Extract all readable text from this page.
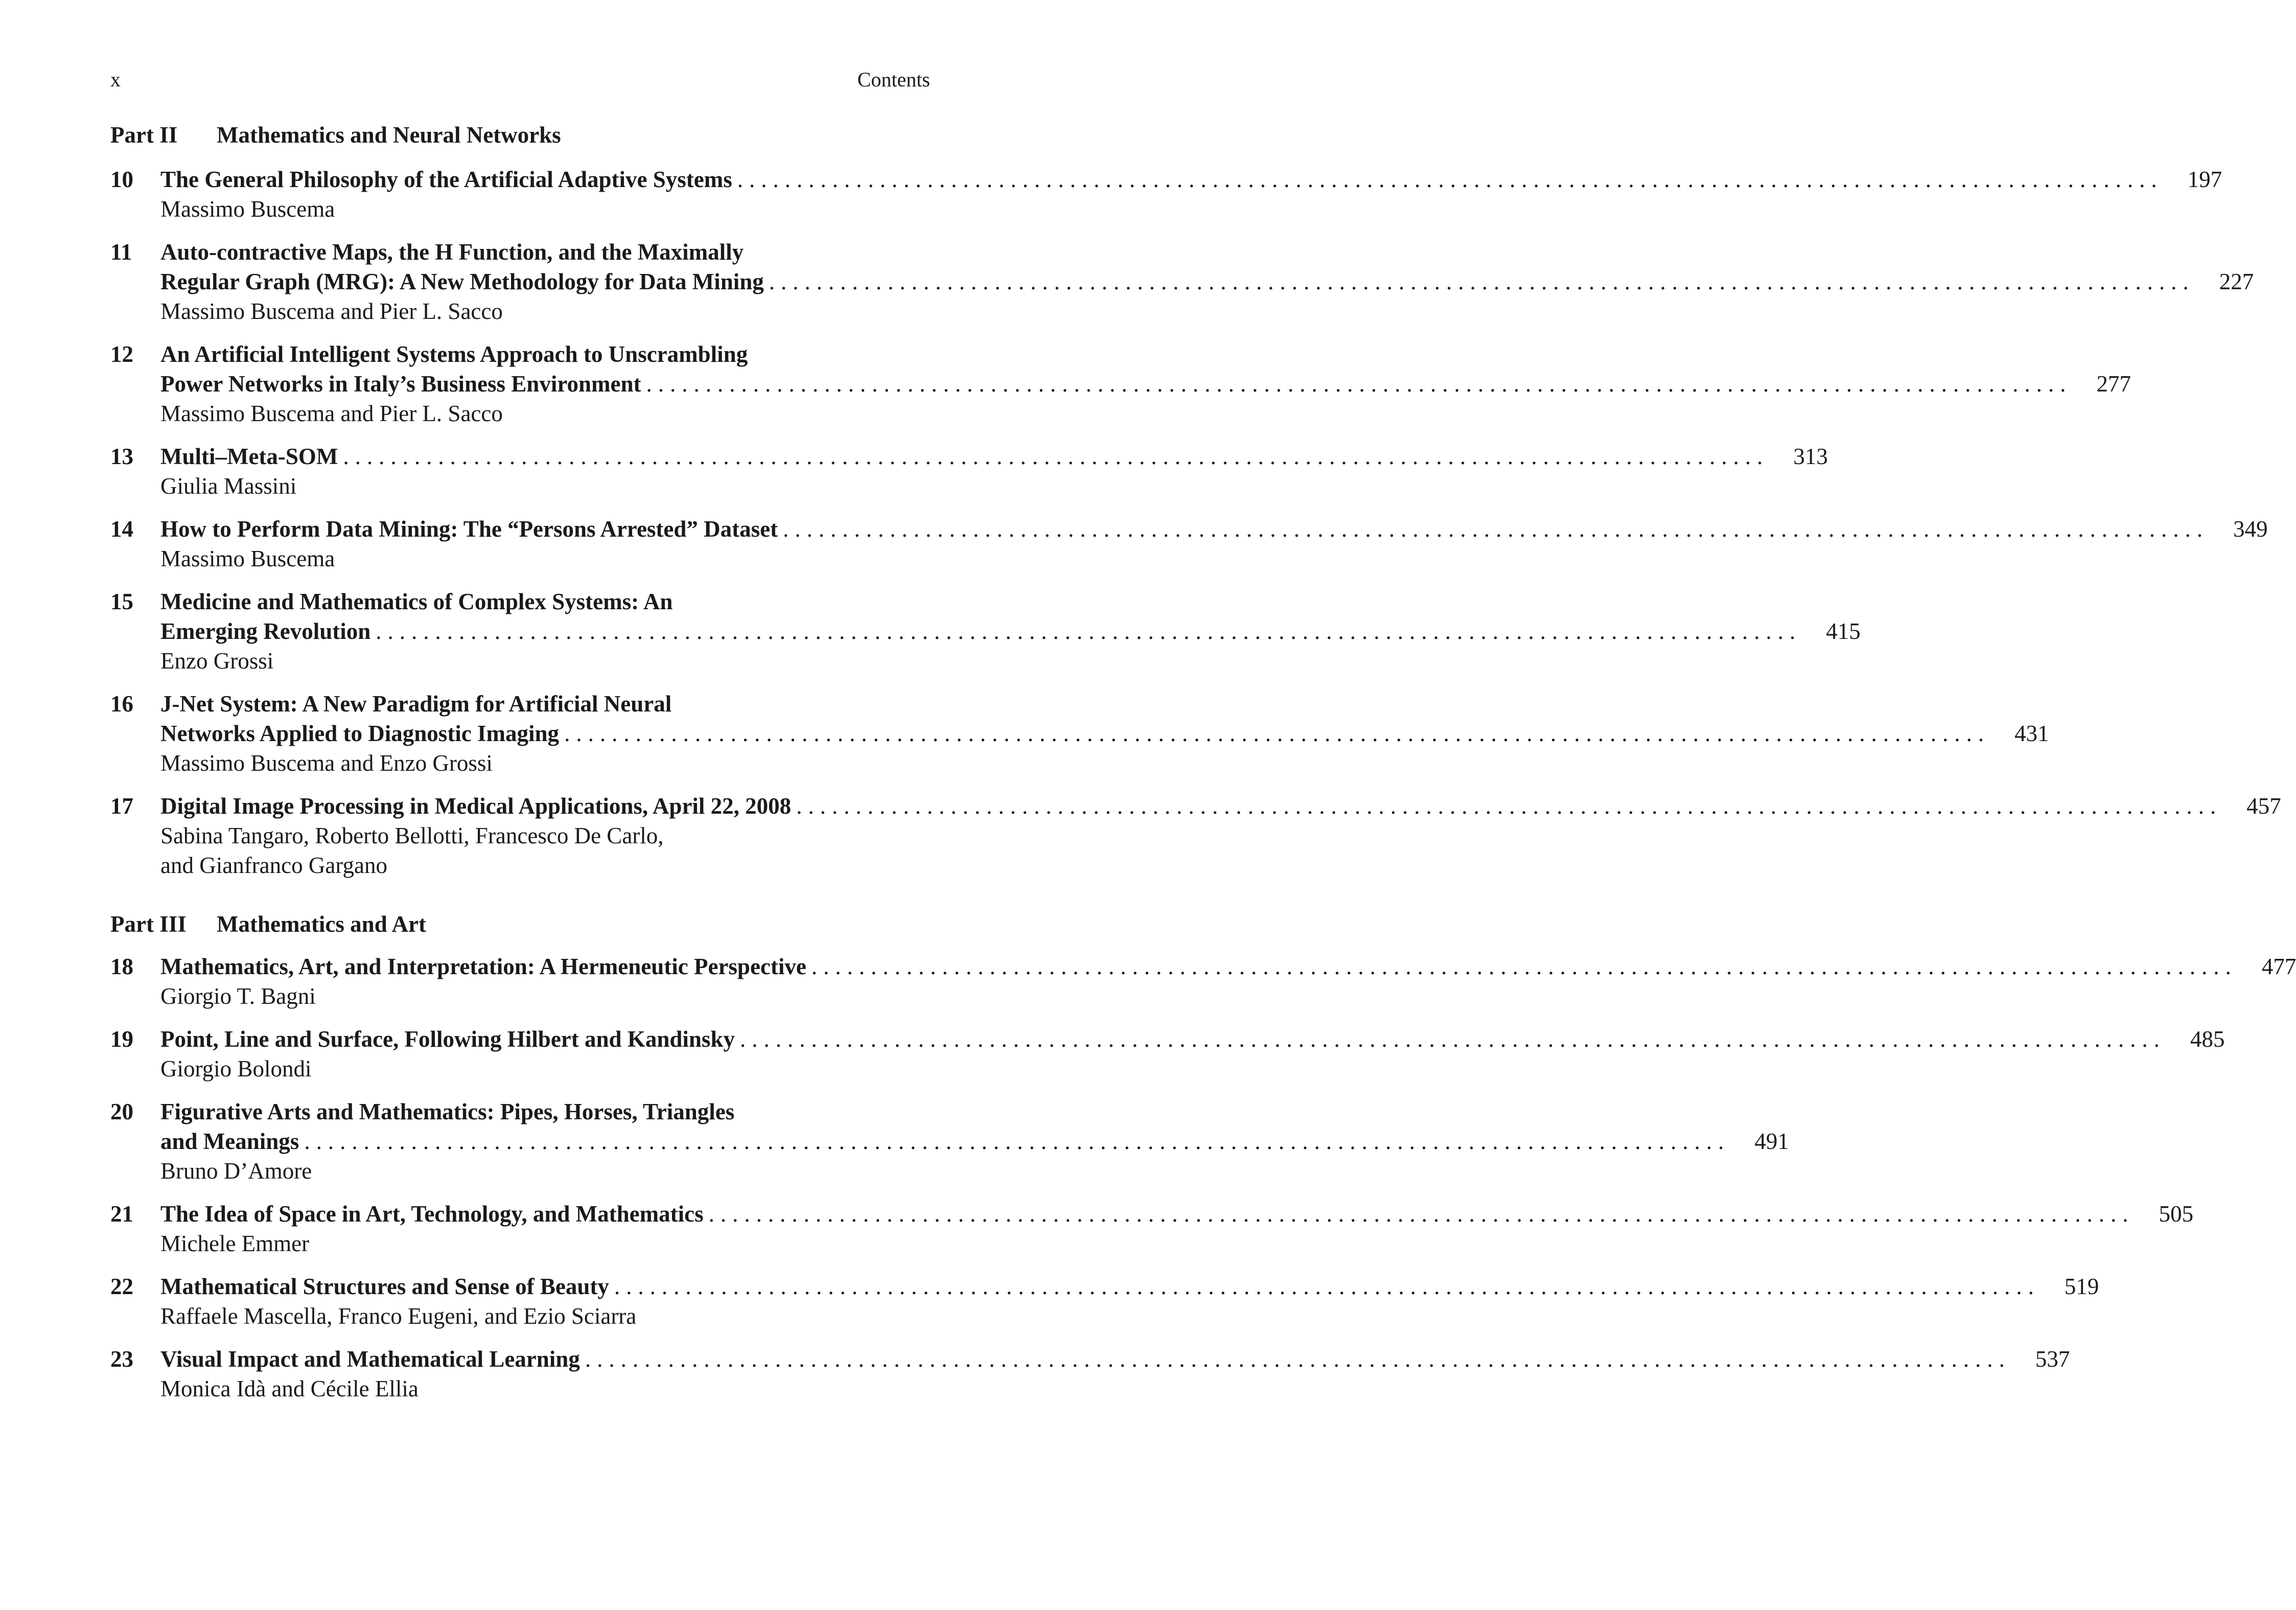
x	Contents
Part II Mathematics and Neural Networks
10 The General Philosophy of the Artificial Adaptive Systems ........................................................................................................................ 197
Massimo Buscema
11 Auto-contractive Maps, the H Function, and the Maximally
Regular Graph (MRG): A New Methodology for Data Mining ........................................................................................................................ 227
Massimo Buscema and Pier L. Sacco
12 An Artificial Intelligent Systems Approach to Unscrambling
Power Networks in Italy’s Business Environment ........................................................................................................................ 277
Massimo Buscema and Pier L. Sacco
13 Multi–Meta-SOM ........................................................................................................................ 313
Giulia Massini
14 How to Perform Data Mining: The “Persons Arrested” Dataset ........................................................................................................................ 349
Massimo Buscema
15 Medicine and Mathematics of Complex Systems: An
Emerging Revolution ........................................................................................................................ 415
Enzo Grossi
16 J-Net System: A New Paradigm for Artificial Neural
Networks Applied to Diagnostic Imaging ........................................................................................................................ 431
Massimo Buscema and Enzo Grossi
17 Digital Image Processing in Medical Applications, April 22, 2008 ........................................................................................................................ 457
Sabina Tangaro, Roberto Bellotti, Francesco De Carlo,
and Gianfranco Gargano
Part III Mathematics and Art
18 Mathematics, Art, and Interpretation: A Hermeneutic Perspective ........................................................................................................................ 477
Giorgio T. Bagni
19 Point, Line and Surface, Following Hilbert and Kandinsky ........................................................................................................................ 485
Giorgio Bolondi
20 Figurative Arts and Mathematics: Pipes, Horses, Triangles
and Meanings ........................................................................................................................ 491
Bruno D’Amore
21 The Idea of Space in Art, Technology, and Mathematics ........................................................................................................................ 505
Michele Emmer
22 Mathematical Structures and Sense of Beauty ........................................................................................................................ 519
Raffaele Mascella, Franco Eugeni, and Ezio Sciarra
23 Visual Impact and Mathematical Learning ........................................................................................................................ 537
Monica Idà and Cécile Ellia
